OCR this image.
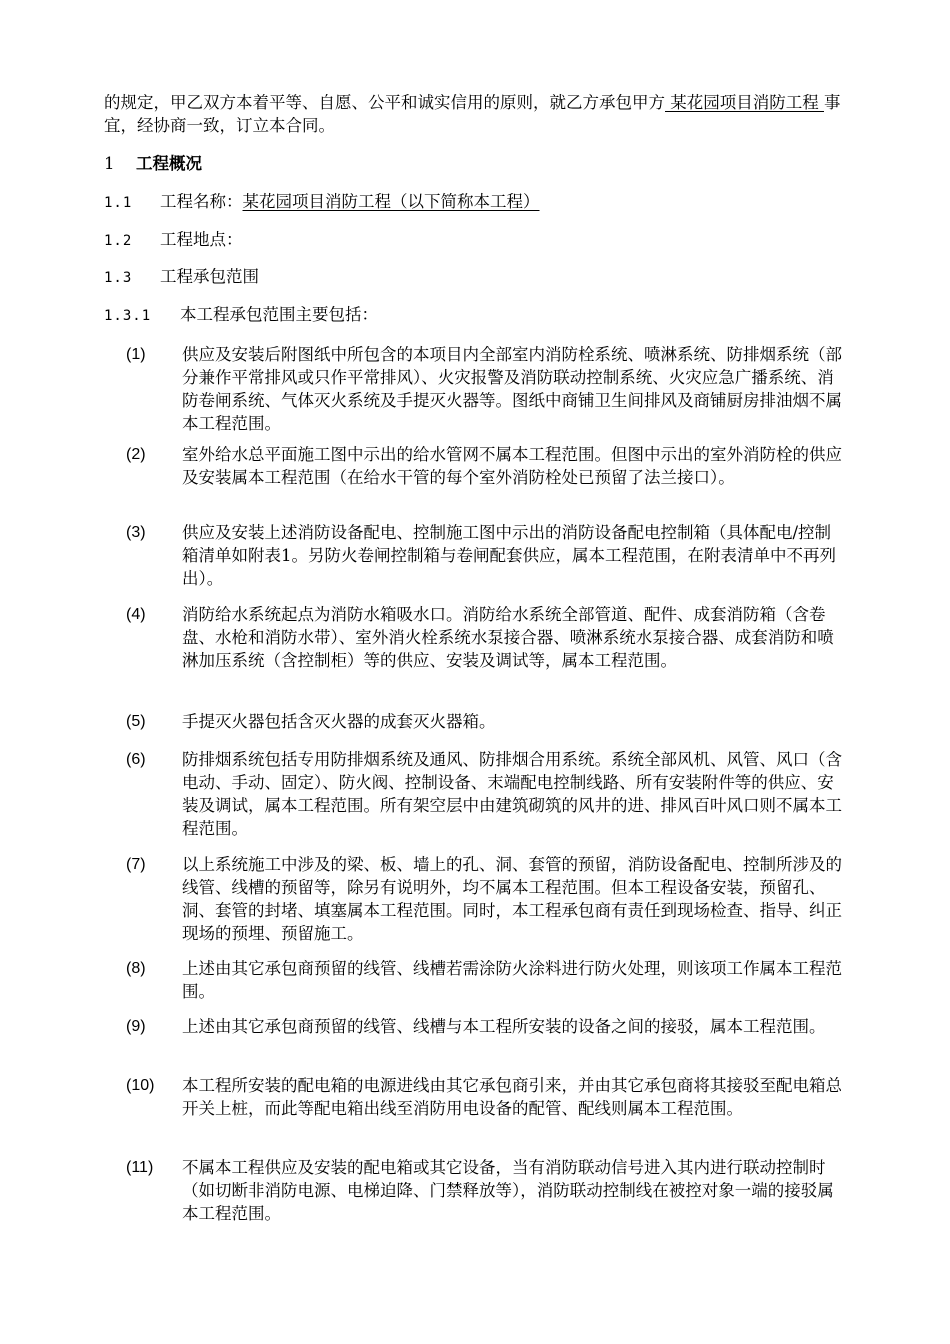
的规定，甲乙双方本着平等、自愿、公平和诚实信用的原则，就乙方承包甲方 某花园项目消防工程 事宜，经协商一致，订立本合同。
1 工程概况
1.1 工程名称：某花园项目消防工程（以下简称本工程）
1.2 工程地点：
1.3 工程承包范围
1.3.1 本工程承包范围主要包括：
(1)	供应及安装后附图纸中所包含的本项目内全部室内消防栓系统、喷淋系统、防排烟系统（部分兼作平常排风或只作平常排风）、火灾报警及消防联动控制系统、火灾应急广播系统、消防卷闸系统、气体灭火系统及手提灭火器等。图纸中商铺卫生间排风及商铺厨房排油烟不属本工程范围。
(2)	室外给水总平面施工图中示出的给水管网不属本工程范围。但图中示出的室外消防栓的供应及安装属本工程范围（在给水干管的每个室外消防栓处已预留了法兰接口）。
(3)	供应及安装上述消防设备配电、控制施工图中示出的消防设备配电控制箱（具体配电/控制箱清单如附表1。另防火卷闸控制箱与卷闸配套供应，属本工程范围，在附表清单中不再列出）。
(4)	消防给水系统起点为消防水箱吸水口。消防给水系统全部管道、配件、成套消防箱（含卷盘、水枪和消防水带）、室外消火栓系统水泵接合器、喷淋系统水泵接合器、成套消防和喷淋加压系统（含控制柜）等的供应、安装及调试等，属本工程范围。
(5)	手提灭火器包括含灭火器的成套灭火器箱。
(6)	防排烟系统包括专用防排烟系统及通风、防排烟合用系统。系统全部风机、风管、风口（含电动、手动、固定）、防火阀、控制设备、末端配电控制线路、所有安装附件等的供应、安装及调试，属本工程范围。所有架空层中由建筑砌筑的风井的进、排风百叶风口则不属本工程范围。
(7)	以上系统施工中涉及的梁、板、墙上的孔、洞、套管的预留，消防设备配电、控制所涉及的线管、线槽的预留等，除另有说明外，均不属本工程范围。但本工程设备安装，预留孔、洞、套管的封堵、填塞属本工程范围。同时，本工程承包商有责任到现场检查、指导、纠正现场的预埋、预留施工。
(8)	上述由其它承包商预留的线管、线槽若需涂防火涂料进行防火处理，则该项工作属本工程范围。
(9)	上述由其它承包商预留的线管、线槽与本工程所安装的设备之间的接驳，属本工程范围。
(10)	本工程所安装的配电箱的电源进线由其它承包商引来，并由其它承包商将其接驳至配电箱总开关上桩，而此等配电箱出线至消防用电设备的配管、配线则属本工程范围。
(11)	不属本工程供应及安装的配电箱或其它设备，当有消防联动信号进入其内进行联动控制时（如切断非消防电源、电梯迫降、门禁释放等），消防联动控制线在被控对象一端的接驳属本工程范围。
